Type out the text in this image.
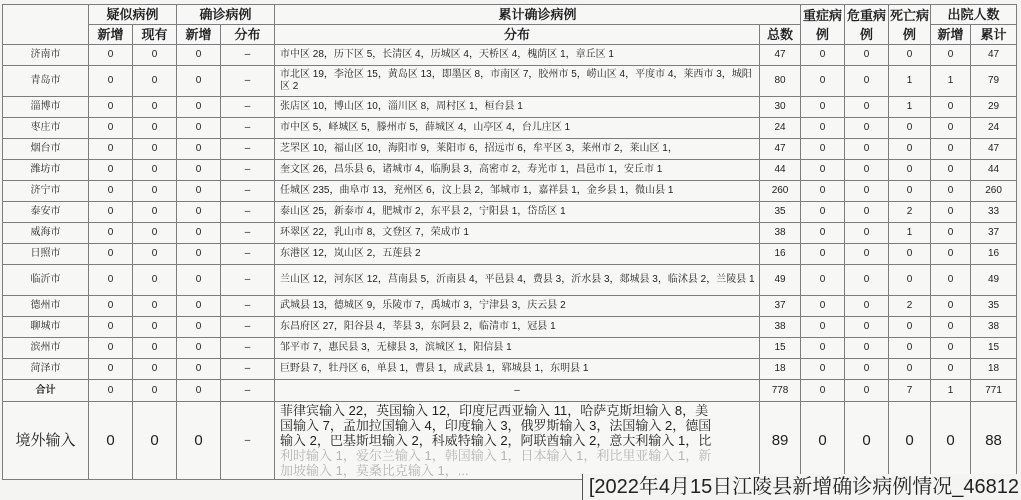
	疑似病例		确诊病例		累计确诊病例		重症病例	危重病例	死亡病例	出院人数	
	新增	现有	新增	分布	分布	总数				新增	累计
济南市	0	0	0	–	市中区 28，历下区 5，长清区 4，历城区 4，天桥区 4，槐荫区 1，章丘区 1	47	0	0	0	0	47
青岛市	0	0	0	–	市北区 19，李沧区 15，黄岛区 13，即墨区 8，市南区 7，胶州市 5，崂山区 4，平度市 4，莱西市 3，城阳区 2	80	0	0	1	1	79
淄博市	0	0	0	–	张店区 10，博山区 10，淄川区 8，周村区 1，桓台县 1	30	0	0	1	0	29
枣庄市	0	0	0	–	市中区 5，峄城区 5，滕州市 5，薛城区 4，山亭区 4，台儿庄区 1	24	0	0	0	0	24
烟台市	0	0	0	–	芝罘区 10，福山区 10，海阳市 9，莱阳市 6，招远市 6，牟平区 3，莱州市 2，莱山区 1，	47	0	0	0	0	47
潍坊市	0	0	0	–	奎文区 26，昌乐县 6，诸城市 4，临朐县 3，高密市 2，寿光市 1，昌邑市 1，安丘市 1	44	0	0	0	0	44
济宁市	0	0	0	–	任城区 235，曲阜市 13，兖州区 6，汶上县 2，邹城市 1，嘉祥县 1，金乡县 1，微山县 1	260	0	0	0	0	260
泰安市	0	0	0	–	泰山区 25，新泰市 4，肥城市 2，东平县 2，宁阳县 1，岱岳区 1	35	0	0	2	0	33
威海市	0	0	0	–	环翠区 22，乳山市 8，文登区 7，荣成市 1	38	0	0	1	0	37
日照市	0	0	0	–	东港区 12，岚山区 2，五莲县 2	16	0	0	0	0	16
临沂市	0	0	0	–	兰山区 12，河东区 12，莒南县 5，沂南县 4，平邑县 4，费县 3，沂水县 3，郯城县 3，临沭县 2，兰陵县 1	49	0	0	0	0	49
德州市	0	0	0	–	武城县 13，德城区 9，乐陵市 7，禹城市 3，宁津县 3，庆云县 2	37	0	0	2	0	35
聊城市	0	0	0	–	东昌府区 27，阳谷县 4，莘县 3，东阿县 2，临清市 1，冠县 1	38	0	0	0	0	38
滨州市	0	0	0	–	邹平市 7，惠民县 3，无棣县 3，滨城区 1，阳信县 1	15	0	0	0	0	15
菏泽市	0	0	0	–	巨野县 7，牡丹区 6，单县 1，曹县 1，成武县 1，郓城县 1，东明县 1	18	0	0	0	0	18
合计	0	0	0	–	–	778	0	0	7	1	771
境外输入	0	0	0	–	菲律宾输入 22，英国输入 12，印度尼西亚输入 11，哈萨克斯坦输入 8，美
国输入 7，孟加拉国输入 4，印度输入 3，俄罗斯输入 3，法国输入 2，德国
输入 2，巴基斯坦输入 2，科威特输入 2，阿联酋输入 2，意大利输入 1，比
利时输入 1，爱尔兰输入 1，韩国输入 1，日本输入 1，利比里亚输入 1，新
加坡输入 1，莫桑比克输入 1，...	89	0	0	0	0	88
[2022年4月15日江陵县新增确诊病例情况_46812
